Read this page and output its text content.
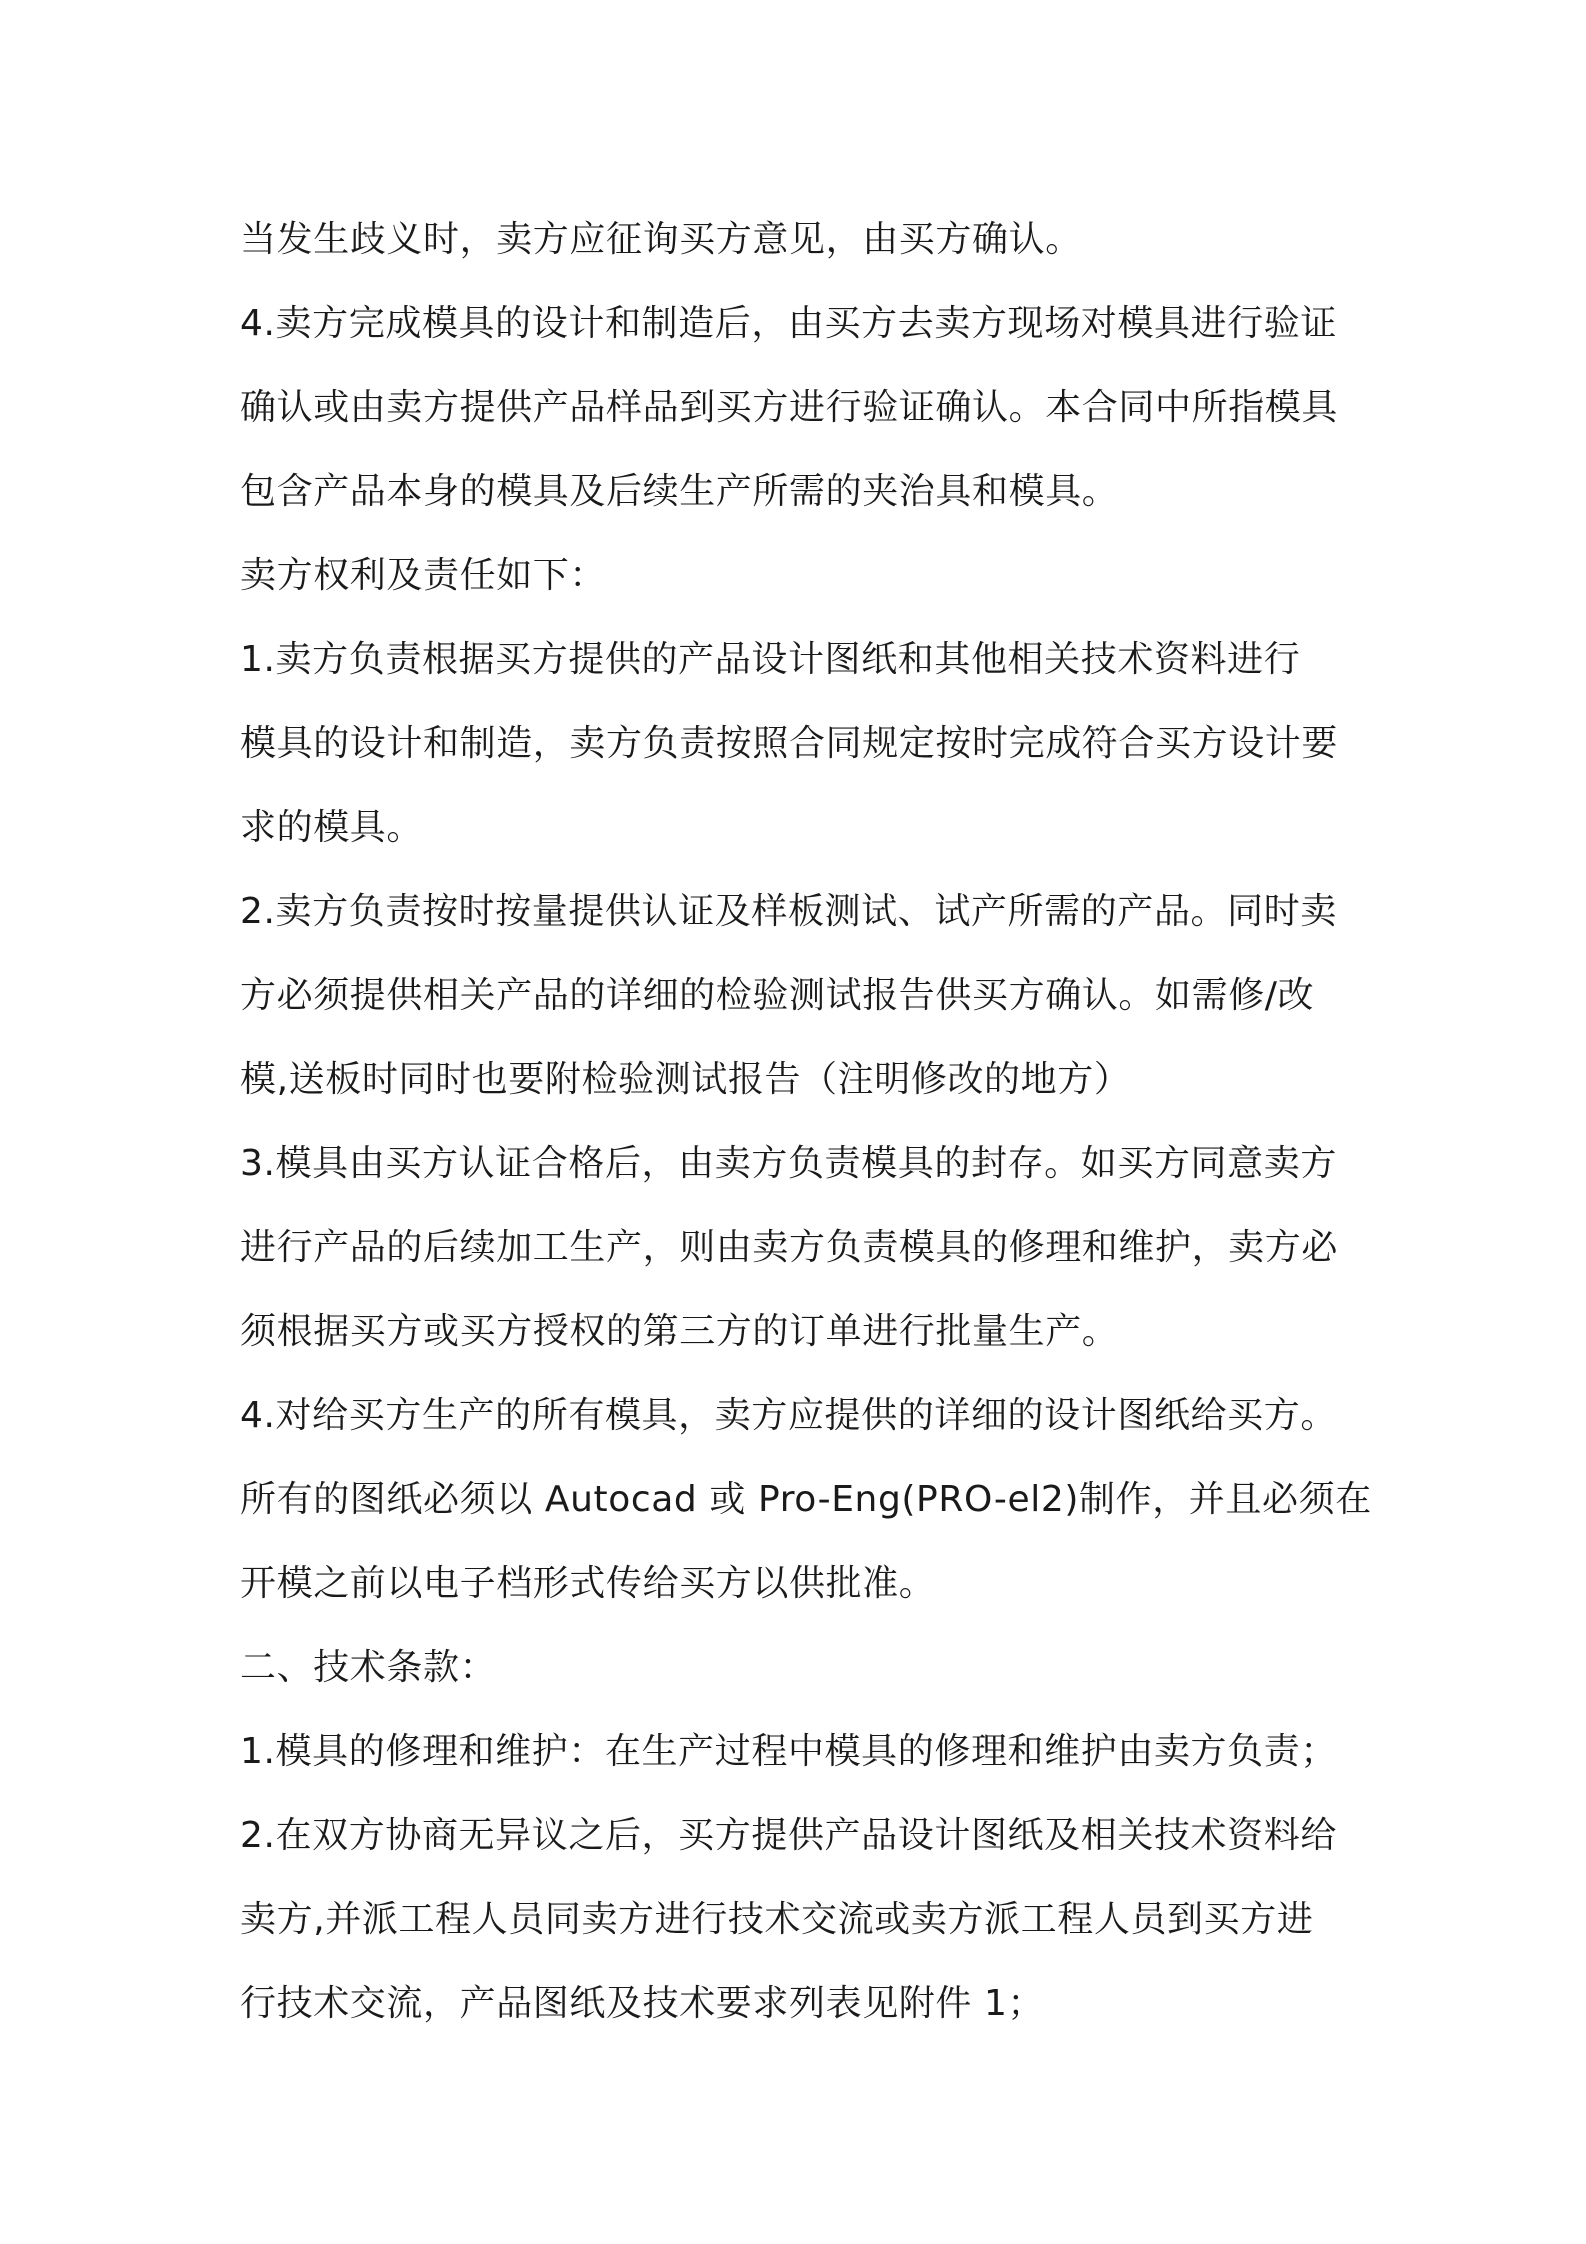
当发生歧义时，卖方应征询买方意见，由买方确认。

4.卖方完成模具的设计和制造后，由买方去卖方现场对模具进行验证

确认或由卖方提供产品样品到买方进行验证确认。本合同中所指模具

包含产品本身的模具及后续生产所需的夹治具和模具。

卖方权利及责任如下：

1.卖方负责根据买方提供的产品设计图纸和其他相关技术资料进行

模具的设计和制造，卖方负责按照合同规定按时完成符合买方设计要

求的模具。

2.卖方负责按时按量提供认证及样板测试、试产所需的产品。同时卖

方必须提供相关产品的详细的检验测试报告供买方确认。如需修/改

模,送板时同时也要附检验测试报告（注明修改的地方）

3.模具由买方认证合格后，由卖方负责模具的封存。如买方同意卖方

进行产品的后续加工生产，则由卖方负责模具的修理和维护，卖方必

须根据买方或买方授权的第三方的订单进行批量生产。

4.对给买方生产的所有模具，卖方应提供的详细的设计图纸给买方。

所有的图纸必须以 Autocad 或 Pro-Eng(PRO-el2)制作，并且必须在

开模之前以电子档形式传给买方以供批准。

二、技术条款：

1.模具的修理和维护：在生产过程中模具的修理和维护由卖方负责；

2.在双方协商无异议之后，买方提供产品设计图纸及相关技术资料给

卖方,并派工程人员同卖方进行技术交流或卖方派工程人员到买方进

行技术交流，产品图纸及技术要求列表见附件 1；
